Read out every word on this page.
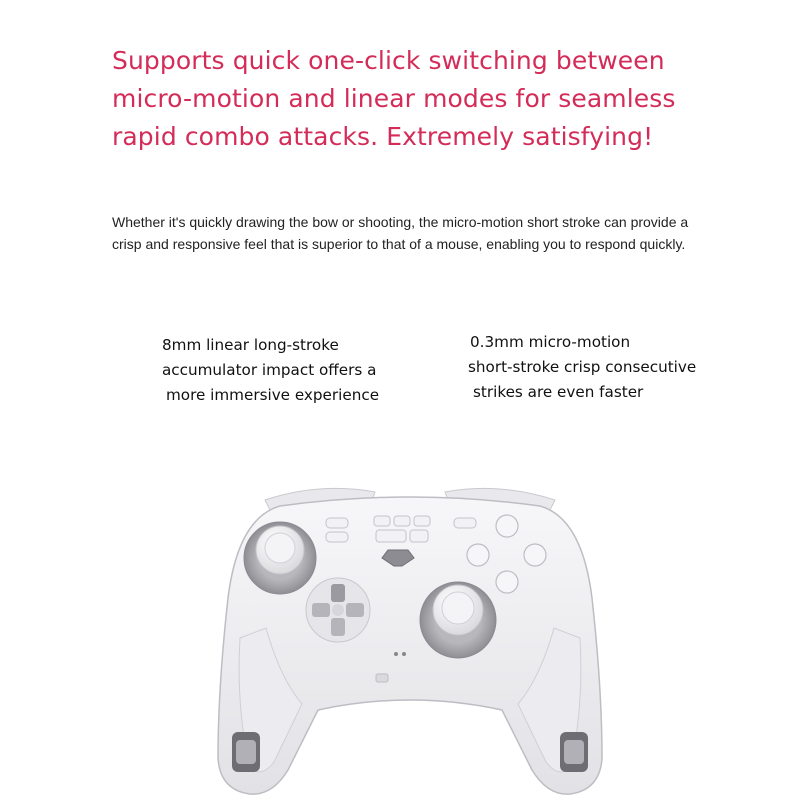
Supports quick one-click switching between
micro-motion and linear modes for seamless
rapid combo attacks. Extremely satisfying!

Whether it's quickly drawing the bow or shooting, the micro-motion short stroke can provide a
crisp and responsive feel that is superior to that of a mouse, enabling you to respond quickly.

8mm linear long-stroke
accumulator impact offers a
more immersive experience

0.3mm micro-motion
short-stroke crisp consecutive
strikes are even faster
